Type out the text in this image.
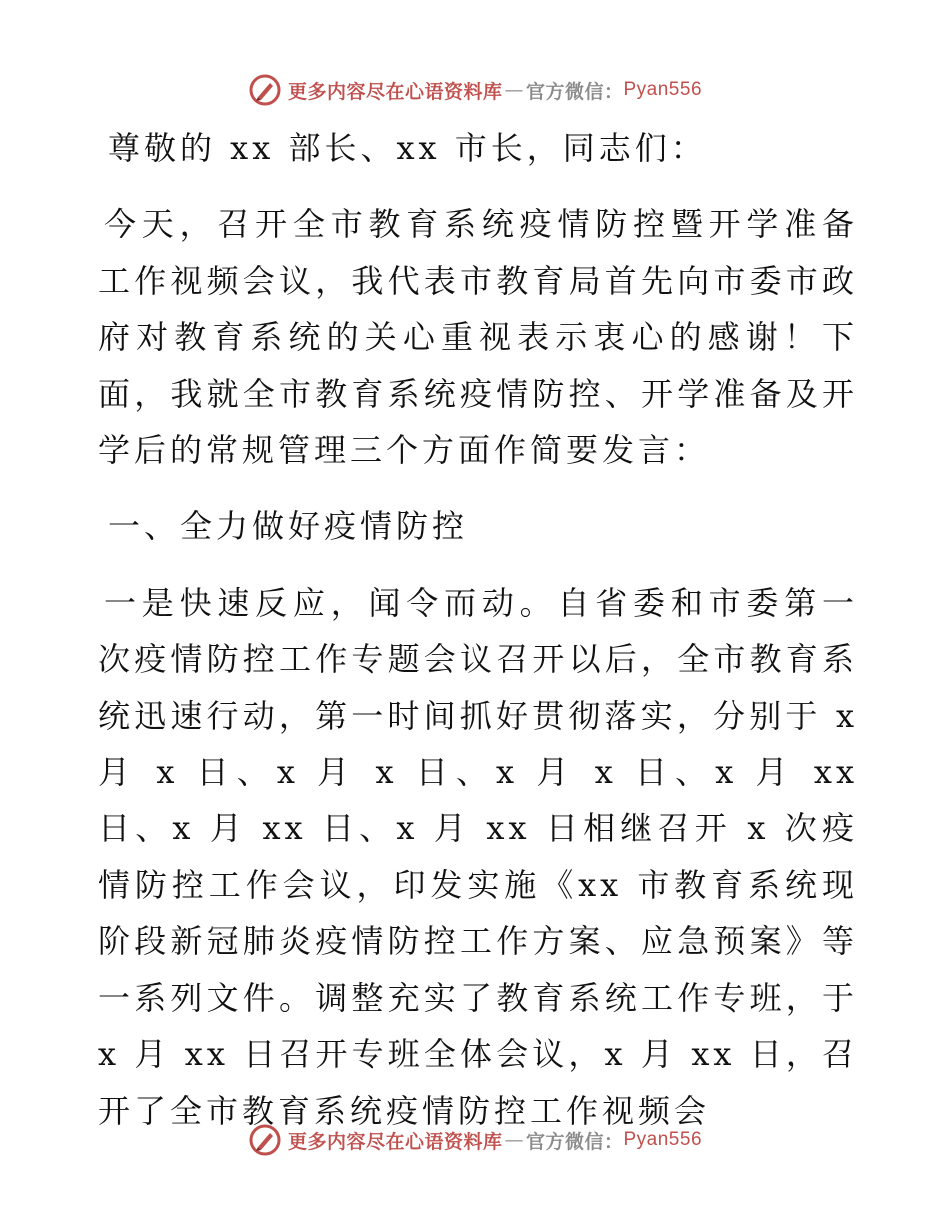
更多内容尽在心语资料库 — 官方微信： Pyan556

尊敬的 xx 部长、xx 市长，同志们：

今天，召开全市教育系统疫情防控暨开学准备工作视频会议，我代表市教育局首先向市委市政府对教育系统的关心重视表示衷心的感谢！下面，我就全市教育系统疫情防控、开学准备及开学后的常规管理三个方面作简要发言：

一、全力做好疫情防控

一是快速反应，闻令而动。自省委和市委第一次疫情防控工作专题会议召开以后，全市教育系统迅速行动，第一时间抓好贯彻落实，分别于 x 月 x 日、x 月 x 日、x 月 x 日、x 月 xx 日、x 月 xx 日、x 月 xx 日相继召开 x 次疫情防控工作会议，印发实施《xx 市教育系统现阶段新冠肺炎疫情防控工作方案、应急预案》等一系列文件。调整充实了教育系统工作专班，于 x 月 xx 日召开专班全体会议，x 月 xx 日，召开了全市教育系统疫情防控工作视频会

更多内容尽在心语资料库 — 官方微信： Pyan556
